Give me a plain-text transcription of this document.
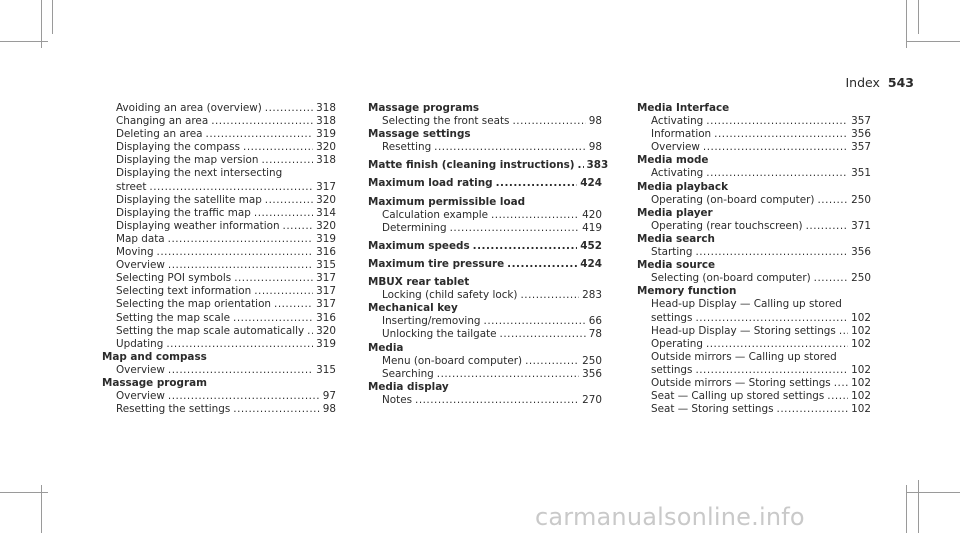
Index 543
Avoiding an area (overview) .....	318
Changing an area .....	318
Deleting an area .....	319
Displaying the compass .....	320
Displaying the map version .....	318
Displaying the next intersecting
street .....	317
Displaying the satellite map .....	320
Displaying the traffic map .....	314
Displaying weather information .....	320
Map data .....	319
Moving .....	316
Overview .....	315
Selecting POI symbols .....	317
Selecting text information .....	317
Selecting the map orientation .....	317
Setting the map scale .....	316
Setting the map scale automatically ..... 320
Updating .....	319
Map and compass
Overview .....	315
Massage program
Overview .....	97
Resetting the settings .....	98
Massage programs
Selecting the front seats .....	98
Massage settings
Resetting .....	98
Matte finish (cleaning instructions) ..... 383
Maximum load rating .....	424
Maximum permissible load
Calculation example .....	420
Determining .....	419
Maximum speeds .....	452
Maximum tire pressure .....	424
MBUX rear tablet
Locking (child safety lock) .....	283
Mechanical key
Inserting/removing .....	66
Unlocking the tailgate .....	78
Media
Menu (on-board computer) .....	250
Searching .....	356
Media display
Notes .....	270
Media Interface
Activating .....	357
Information .....	356
Overview .....	357
Media mode
Activating .....	351
Media playback
Operating (on-board computer) .....	250
Media player
Operating (rear touchscreen) .....	371
Media search
Starting .....	356
Media source
Selecting (on-board computer) .....	250
Memory function
Head-up Display — Calling up stored
settings .....	102
Head-up Display — Storing settings ..... 102
Operating .....	102
Outside mirrors — Calling up stored
settings .....	102
Outside mirrors — Storing settings ..... 102
Seat — Calling up stored settings .....	102
Seat — Storing settings .....	102
carmanualsonline.info
